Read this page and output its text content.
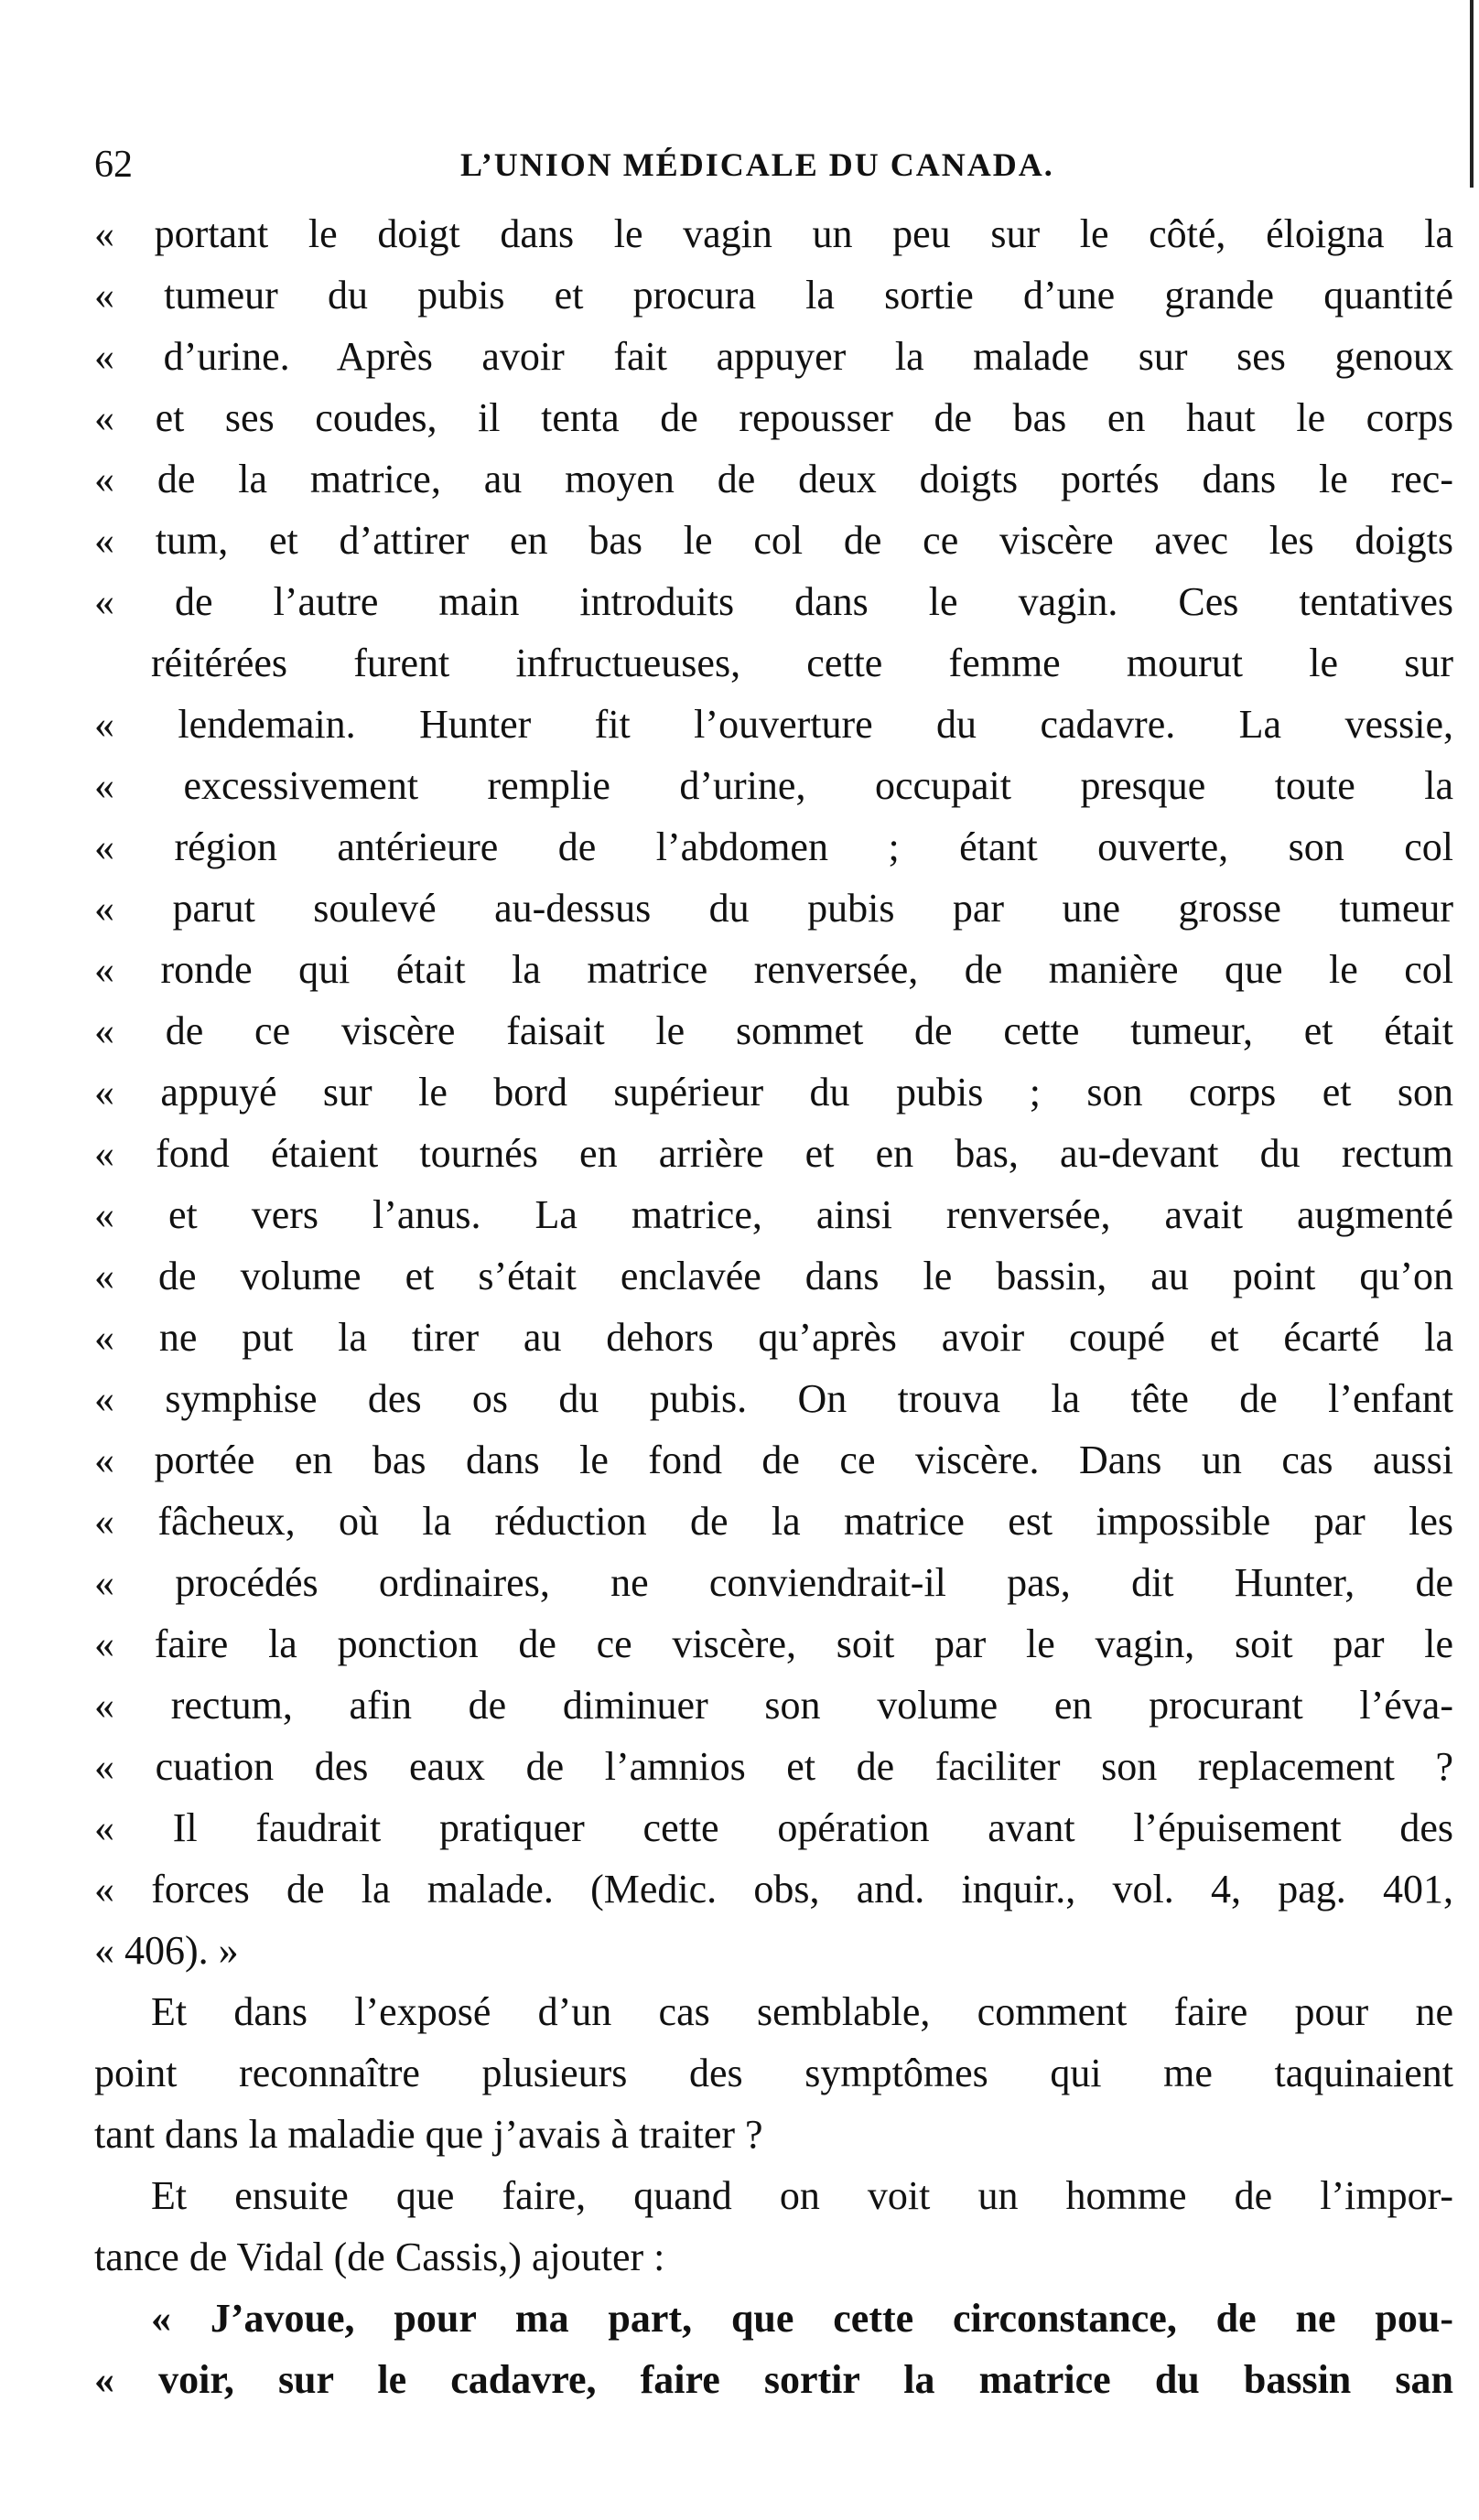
62	L’UNION MÉDICALE DU CANADA.
« portant le doigt dans le vagin un peu sur le côté, éloigna la
« tumeur du pubis et procura la sortie d’une grande quantité
« d’urine. Après avoir fait appuyer la malade sur ses genoux
« et ses coudes, il tenta de repousser de bas en haut le corps
« de la matrice, au moyen de deux doigts portés dans le rec-
« tum, et d’attirer en bas le col de ce viscère avec les doigts
« de l’autre main introduits dans le vagin. Ces tentatives
réitérées furent infructueuses, cette femme mourut le sur
« lendemain. Hunter fit l’ouverture du cadavre. La vessie,
« excessivement remplie d’urine, occupait presque toute la
« région antérieure de l’abdomen ; étant ouverte, son col
« parut soulevé au-dessus du pubis par une grosse tumeur
« ronde qui était la matrice renversée, de manière que le col
« de ce viscère faisait le sommet de cette tumeur, et était
« appuyé sur le bord supérieur du pubis ; son corps et son
« fond étaient tournés en arrière et en bas, au-devant du rectum
« et vers l’anus. La matrice, ainsi renversée, avait augmenté
« de volume et s’était enclavée dans le bassin, au point qu’on
« ne put la tirer au dehors qu’après avoir coupé et écarté la
« symphise des os du pubis. On trouva la tête de l’enfant
« portée en bas dans le fond de ce viscère. Dans un cas aussi
« fâcheux, où la réduction de la matrice est impossible par les
« procédés ordinaires, ne conviendrait-il pas, dit Hunter, de
« faire la ponction de ce viscère, soit par le vagin, soit par le
« rectum, afin de diminuer son volume en procurant l’éva-
« cuation des eaux de l’amnios et de faciliter son replacement ?
« Il faudrait pratiquer cette opération avant l’épuisement des
« forces de la malade. (Medic. obs, and. inquir., vol. 4, pag. 401,
« 406). »
Et dans l’exposé d’un cas semblable, comment faire pour ne
point reconnaître plusieurs des symptômes qui me taquinaient
tant dans la maladie que j’avais à traiter ?
Et ensuite que faire, quand on voit un homme de l’impor-
tance de Vidal (de Cassis,) ajouter :
« J’avoue, pour ma part, que cette circonstance, de ne pou-
« voir, sur le cadavre, faire sortir la matrice du bassin san
